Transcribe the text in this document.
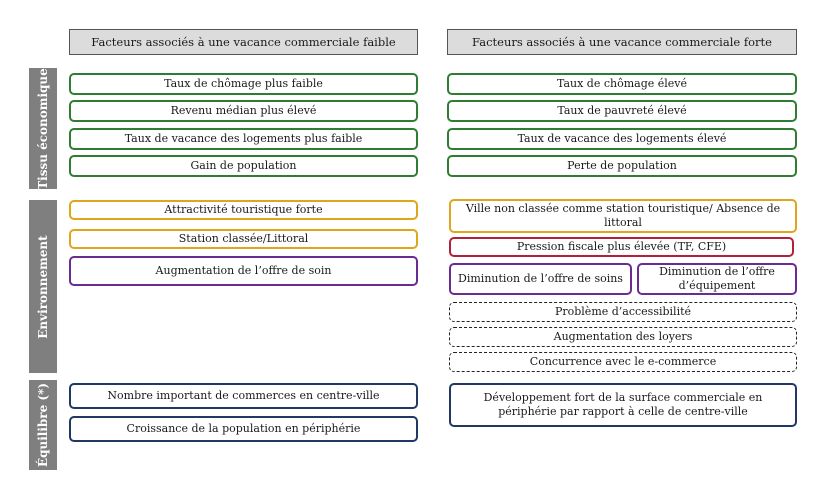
Facteurs associés à une vacance commerciale faible	Facteurs associés à une vacance commerciale forte
Tissu économique
Environnement
Équilibre (*)
Taux de chômage plus faible
Revenu médian plus élevé
Taux de vacance des logements plus faible
Gain de population
Taux de chômage élevé
Taux de pauvreté élevé
Taux de vacance des logements élevé
Perte de population
Attractivité touristique forte
Station classée/Littoral
Augmentation de l’offre de soin
Ville non classée comme station touristique/ Absence de littoral
Pression fiscale plus élevée (TF, CFE)
Diminution de l’offre de soins
Diminution de l’offre d’équipement
Problème d’accessibilité
Augmentation des loyers
Concurrence avec le e-commerce
Nombre important de commerces en centre-ville
Croissance de la population en périphérie
Développement fort de la surface commerciale en périphérie par rapport à celle de centre-ville
